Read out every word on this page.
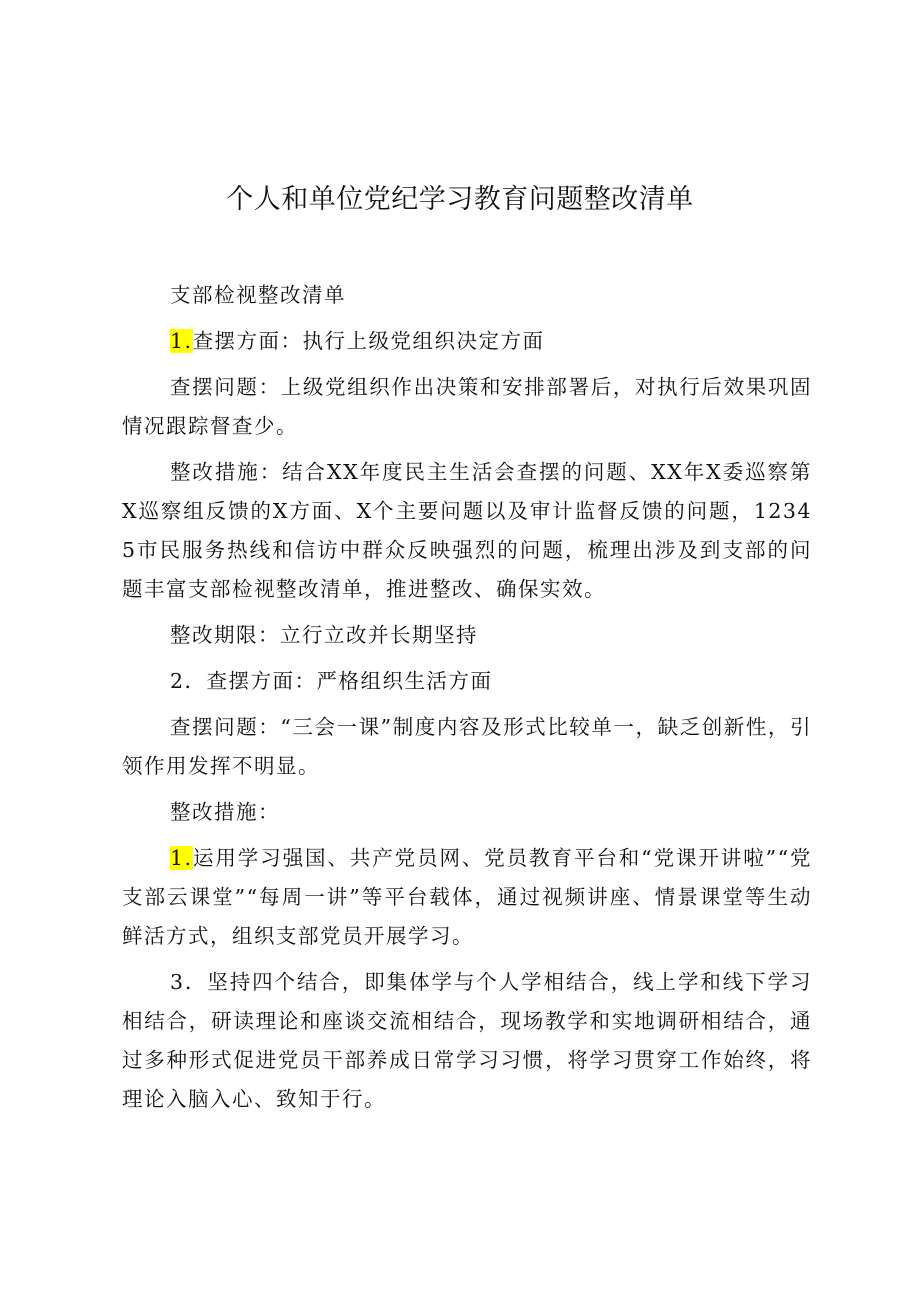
个人和单位党纪学习教育问题整改清单

支部检视整改清单

1.查摆方面：执行上级党组织决定方面

查摆问题：上级党组织作出决策和安排部署后，对执行后效果巩固情况跟踪督查少。

整改措施：结合XX年度民主生活会查摆的问题、XX年X委巡察第X巡察组反馈的X方面、X个主要问题以及审计监督反馈的问题，12345市民服务热线和信访中群众反映强烈的问题，梳理出涉及到支部的问题丰富支部检视整改清单，推进整改、确保实效。

整改期限：立行立改并长期坚持

2．查摆方面：严格组织生活方面

查摆问题：“三会一课”制度内容及形式比较单一，缺乏创新性，引领作用发挥不明显。

整改措施：

1.运用学习强国、共产党员网、党员教育平台和“党课开讲啦”“党支部云课堂”“每周一讲”等平台载体，通过视频讲座、情景课堂等生动鲜活方式，组织支部党员开展学习。

3．坚持四个结合，即集体学与个人学相结合，线上学和线下学习相结合，研读理论和座谈交流相结合，现场教学和实地调研相结合，通过多种形式促进党员干部养成日常学习习惯，将学习贯穿工作始终，将理论入脑入心、致知于行。
